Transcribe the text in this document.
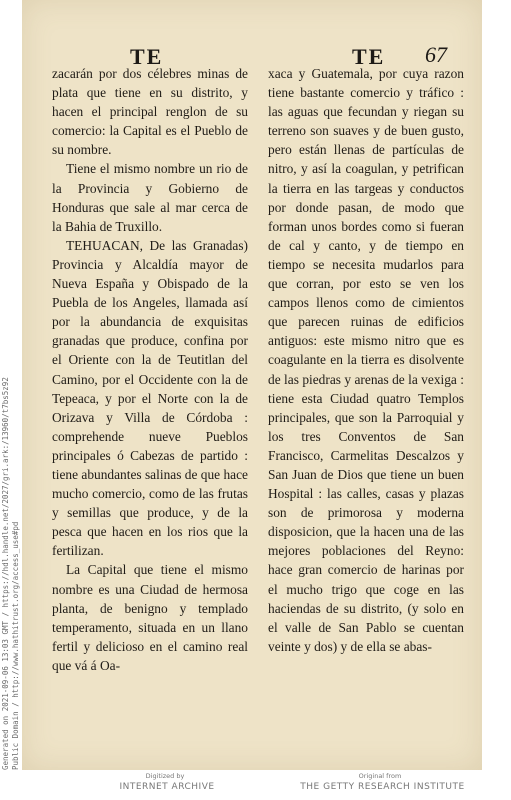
Generated on 2021-09-06 13:03 GMT / https://hdl.handle.net/2027/gri.ark:/13960/t7bs5z92 Public Domain / http://www.hathitrust.org/access_use#pd
TE	TE 67

zacarán por dos célebres minas de plata que tiene en su distrito, y hacen el principal renglon de su comercio: la Capital es el Pueblo de su nombre.

Tiene el mismo nombre un rio de la Provincia y Gobierno de Honduras que sale al mar cerca de la Bahia de Truxillo.

TEHUACAN, De las Granadas) Provincia y Alcaldía mayor de Nueva España y Obispado de la Puebla de los Angeles, llamada así por la abundancia de exquisitas granadas que produce, confina por el Oriente con la de Teutitlan del Camino, por el Occidente con la de Tepeaca, y por el Norte con la de Orizava y Villa de Córdoba : comprehende nueve Pueblos principales ó Cabezas de partido : tiene abundantes salinas de que hace mucho comercio, como de las frutas y semillas que produce, y de la pesca que hacen en los rios que la fertilizan.

La Capital que tiene el mismo nombre es una Ciudad de hermosa planta, de benigno y templado temperamento, situada en un llano fertil y delicioso en el camino real que vá á Oa-

xaca y Guatemala, por cuya razon tiene bastante comercio y tráfico : las aguas que fecundan y riegan su terreno son suaves y de buen gusto, pero están llenas de partículas de nitro, y así la coagulan, y petrifican la tierra en las targeas y conductos por donde pasan, de modo que forman unos bordes como si fueran de cal y canto, y de tiempo en tiempo se necesita mudarlos para que corran, por esto se ven los campos llenos como de cimientos que parecen ruinas de edificios antiguos: este mismo nitro que es coagulante en la tierra es disolvente de las piedras y arenas de la vexiga : tiene esta Ciudad quatro Templos principales, que son la Parroquial y los tres Conventos de San Francisco, Carmelitas Descalzos y San Juan de Dios que tiene un buen Hospital : las calles, casas y plazas son de primorosa y moderna disposicion, que la hacen una de las mejores poblaciones del Reyno: hace gran comercio de harinas por el mucho trigo que coge en las haciendas de su distrito, (y solo en el valle de San Pablo se cuentan veinte y dos) y de ella se abas-

Digitized by
INTERNET ARCHIVE
Original from
THE GETTY RESEARCH INSTITUTE
